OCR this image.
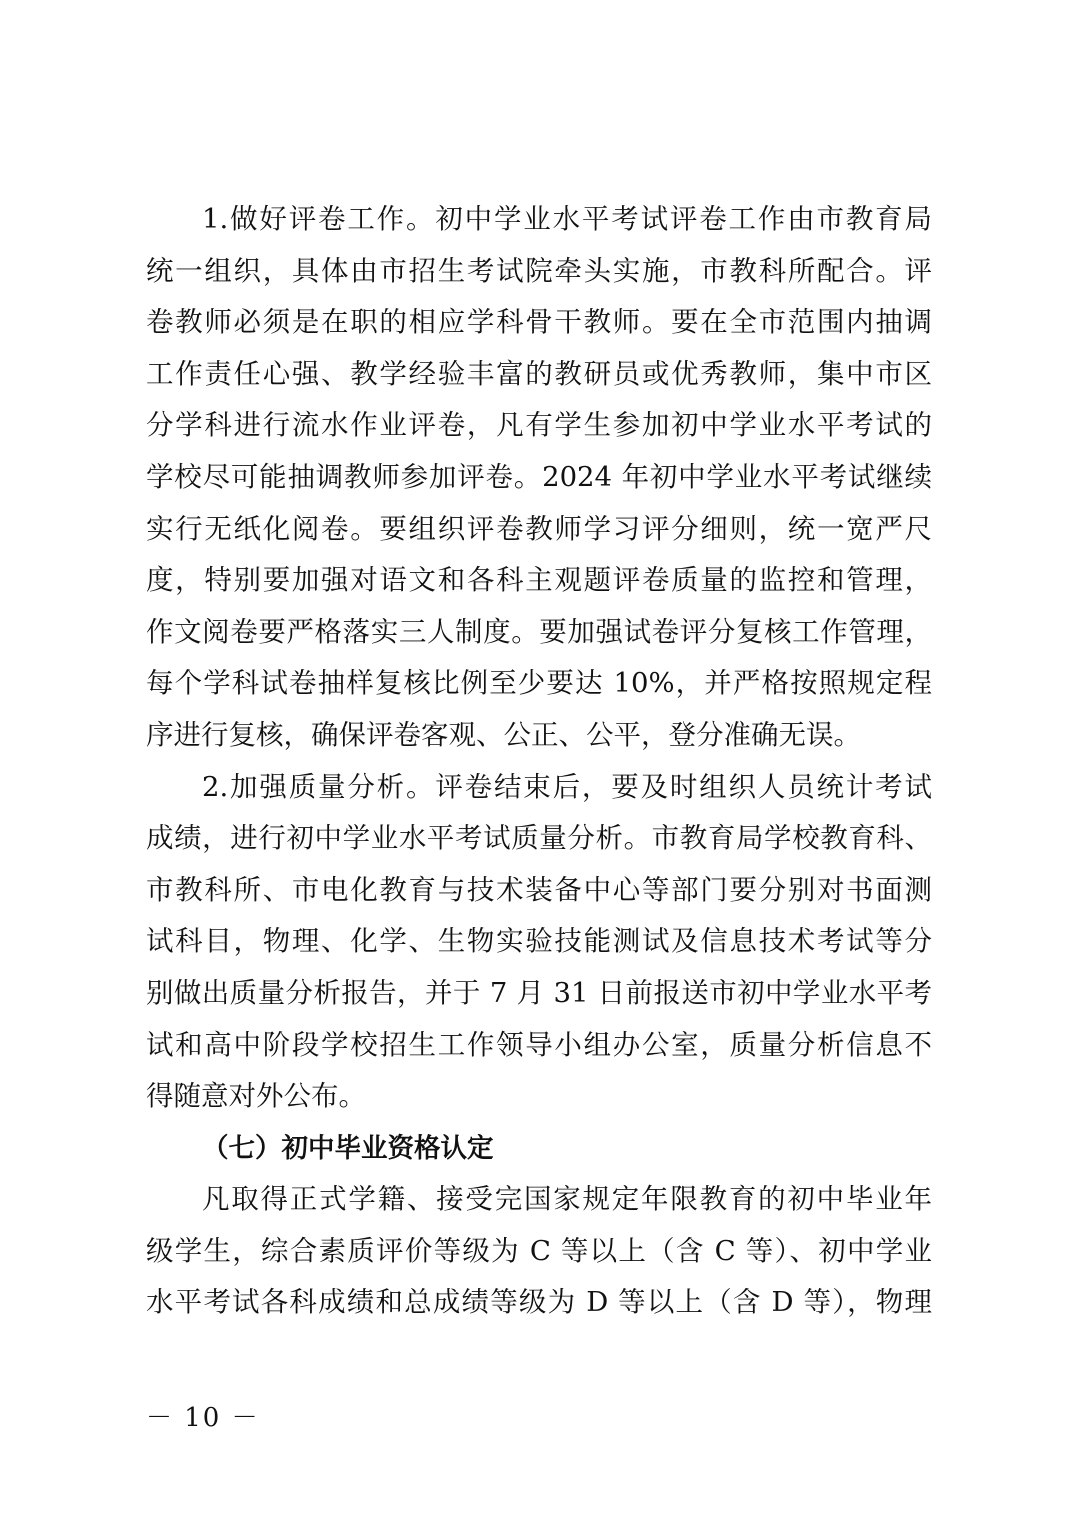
1.做好评卷工作。初中学业水平考试评卷工作由市教育局
统一组织，具体由市招生考试院牵头实施，市教科所配合。评
卷教师必须是在职的相应学科骨干教师。要在全市范围内抽调
工作责任心强、教学经验丰富的教研员或优秀教师，集中市区
分学科进行流水作业评卷，凡有学生参加初中学业水平考试的
学校尽可能抽调教师参加评卷。2024 年初中学业水平考试继续
实行无纸化阅卷。要组织评卷教师学习评分细则，统一宽严尺
度，特别要加强对语文和各科主观题评卷质量的监控和管理，
作文阅卷要严格落实三人制度。要加强试卷评分复核工作管理，
每个学科试卷抽样复核比例至少要达 10%，并严格按照规定程
序进行复核，确保评卷客观、公正、公平，登分准确无误。
2.加强质量分析。评卷结束后，要及时组织人员统计考试
成绩，进行初中学业水平考试质量分析。市教育局学校教育科、
市教科所、市电化教育与技术装备中心等部门要分别对书面测
试科目，物理、化学、生物实验技能测试及信息技术考试等分
别做出质量分析报告，并于 7 月 31 日前报送市初中学业水平考
试和高中阶段学校招生工作领导小组办公室，质量分析信息不
得随意对外公布。
（七）初中毕业资格认定
凡取得正式学籍、接受完国家规定年限教育的初中毕业年
级学生，综合素质评价等级为 C 等以上（含 C 等）、初中学业
水平考试各科成绩和总成绩等级为 D 等以上（含 D 等），物理
－ 10 －
